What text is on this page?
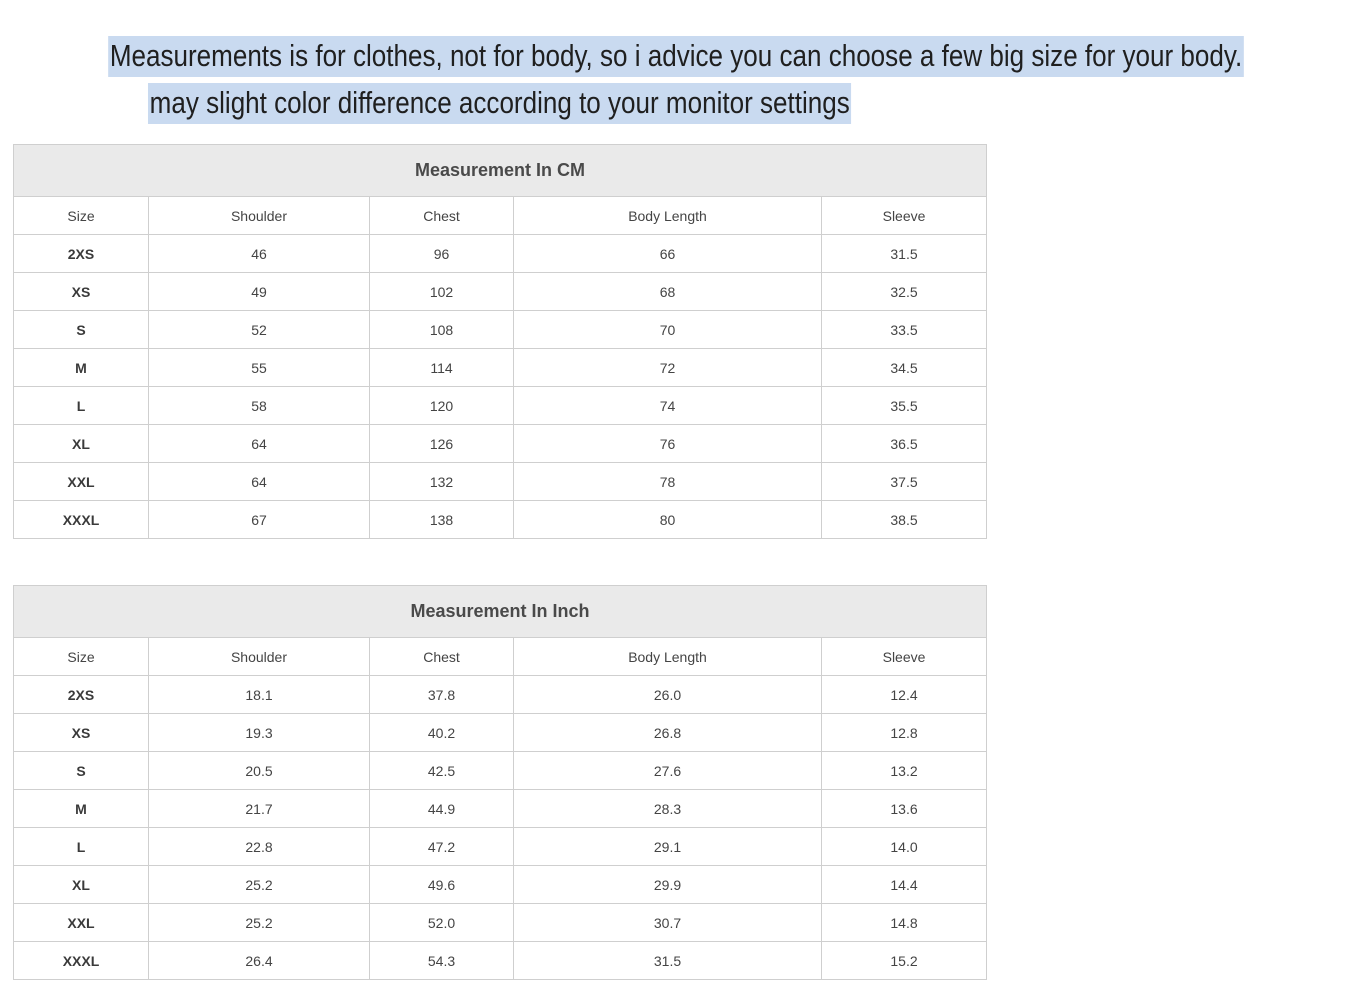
Measurements is for clothes, not for body, so i advice you can choose a few big size for your body.
may slight color difference according to your monitor settings
Measurement In CM				
Size	Shoulder	Chest	Body Length	Sleeve
2XS	46	96	66	31.5
XS	49	102	68	32.5
S	52	108	70	33.5
M	55	114	72	34.5
L	58	120	74	35.5
XL	64	126	76	36.5
XXL	64	132	78	37.5
XXXL	67	138	80	38.5
Measurement In Inch				
Size	Shoulder	Chest	Body Length	Sleeve
2XS	18.1	37.8	26.0	12.4
XS	19.3	40.2	26.8	12.8
S	20.5	42.5	27.6	13.2
M	21.7	44.9	28.3	13.6
L	22.8	47.2	29.1	14.0
XL	25.2	49.6	29.9	14.4
XXL	25.2	52.0	30.7	14.8
XXXL	26.4	54.3	31.5	15.2
